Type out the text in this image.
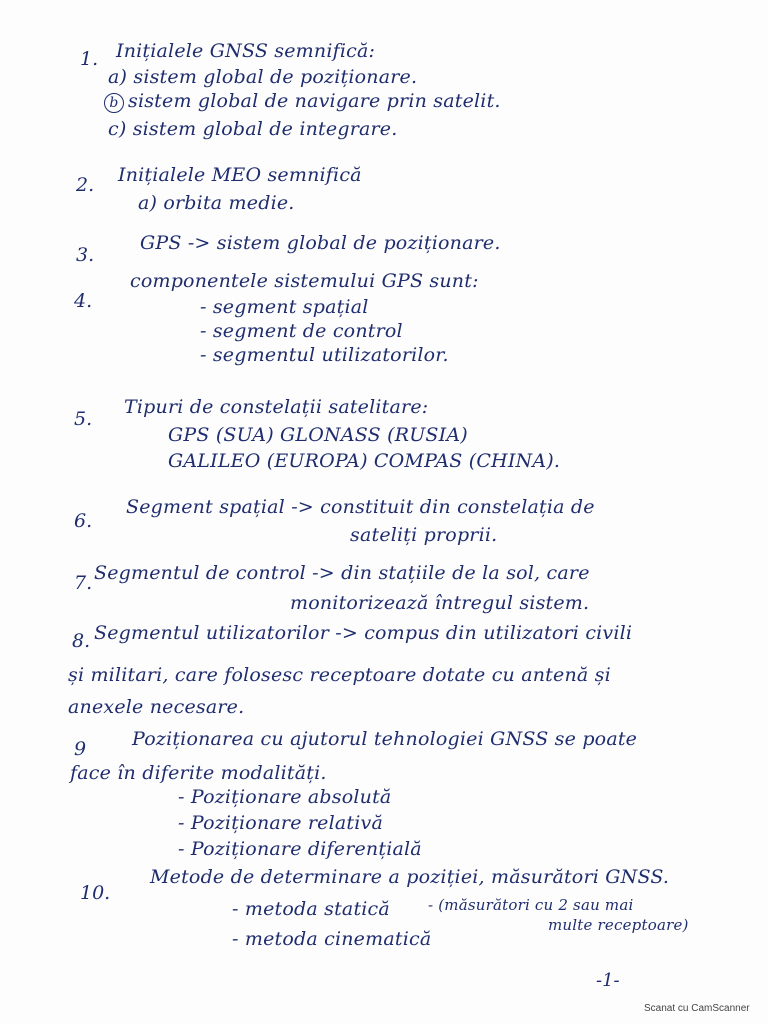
1. Inițialele GNSS semnifică:
a) sistem global de poziționare.
b sistem global de navigare prin satelit.
c) sistem global de integrare.
2. Inițialele MEO semnifică
a) orbita medie.
3.
GPS -> sistem global de poziționare.
4.
componentele sistemului GPS sunt:
- segment spațial
- segment de control
- segmentul utilizatorilor.
5.
Tipuri de constelații satelitare:
GPS (SUA) GLONASS (RUSIA)
GALILEO (EUROPA) COMPAS (CHINA).
6.
Segment spațial -> constituit din constelația de
sateliți proprii.
7. Segmentul de control -> din stațiile de la sol, care
monitorizează întregul sistem.
8. Segmentul utilizatorilor -> compus din utilizatori civili
și militari, care folosesc receptoare dotate cu antenă și
anexele necesare.
9 Poziționarea cu ajutorul tehnologiei GNSS se poate
face în diferite modalități.
- Poziționare absolută
- Poziționare relativă
- Poziționare diferențială
10.
Metode de determinare a poziției, măsurători GNSS.
- metoda statică	- (măsurători cu 2 sau mai
multe receptoare)
- metoda cinematică
-1-
Scanat cu CamScanner
